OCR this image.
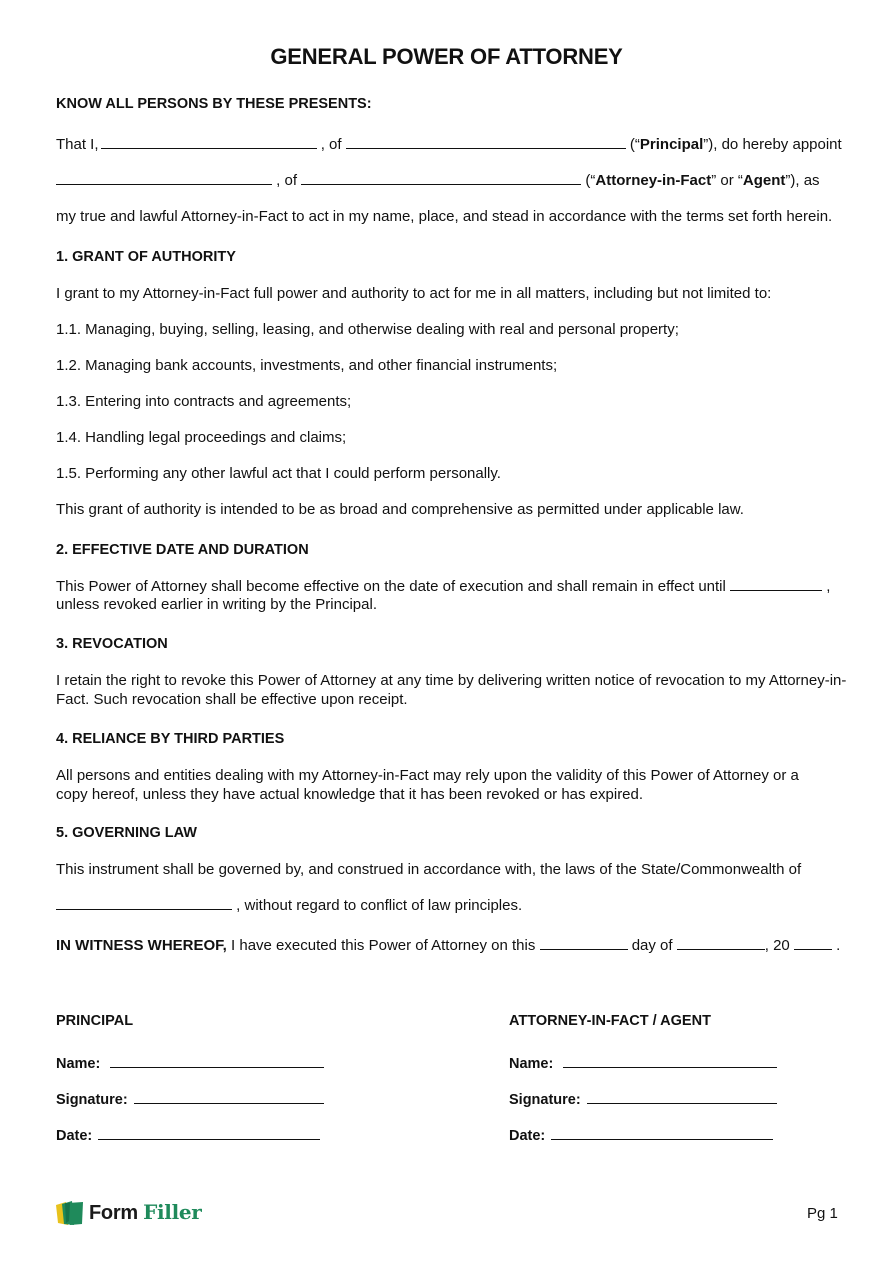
GENERAL POWER OF ATTORNEY
KNOW ALL PERSONS BY THESE PRESENTS:
That I,	, of	(“Principal”), do hereby appoint
, of	(“Attorney-in-Fact” or “Agent”), as
my true and lawful Attorney-in-Fact to act in my name, place, and stead in accordance with the terms set forth herein.
1. GRANT OF AUTHORITY
I grant to my Attorney-in-Fact full power and authority to act for me in all matters, including but not limited to:
1.1. Managing, buying, selling, leasing, and otherwise dealing with real and personal property;
1.2. Managing bank accounts, investments, and other financial instruments;
1.3. Entering into contracts and agreements;
1.4. Handling legal proceedings and claims;
1.5. Performing any other lawful act that I could perform personally.
This grant of authority is intended to be as broad and comprehensive as permitted under applicable law.
2. EFFECTIVE DATE AND DURATION
This Power of Attorney shall become effective on the date of execution and shall remain in effect until	,
unless revoked earlier in writing by the Principal.
3. REVOCATION
I retain the right to revoke this Power of Attorney at any time by delivering written notice of revocation to my Attorney-in-Fact. Such revocation shall be effective upon receipt.
4. RELIANCE BY THIRD PARTIES
All persons and entities dealing with my Attorney-in-Fact may rely upon the validity of this Power of Attorney or a copy hereof, unless they have actual knowledge that it has been revoked or has expired.
5. GOVERNING LAW
This instrument shall be governed by, and construed in accordance with, the laws of the State/Commonwealth of
, without regard to conflict of law principles.
IN WITNESS WHEREOF, I have executed this Power of Attorney on this	day of	, 20	.
PRINCIPAL
Name:
Signature:
Date:
ATTORNEY-IN-FACT / AGENT
Name:
Signature:
Date:
Form Filler	Pg 1
